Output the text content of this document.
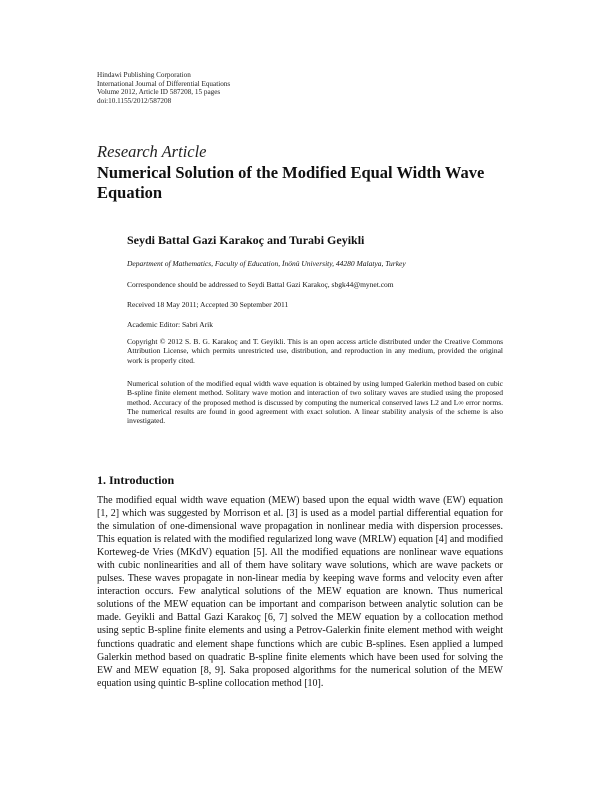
Hindawi Publishing Corporation
International Journal of Differential Equations
Volume 2012, Article ID 587208, 15 pages
doi:10.1155/2012/587208
Research Article
Numerical Solution of the Modified Equal Width Wave Equation
Seydi Battal Gazi Karakoç and Turabi Geyikli
Department of Mathematics, Faculty of Education, İnönü University, 44280 Malatya, Turkey
Correspondence should be addressed to Seydi Battal Gazi Karakoç, sbgk44@mynet.com
Received 18 May 2011; Accepted 30 September 2011
Academic Editor: Sabri Arik
Copyright © 2012 S. B. G. Karakoç and T. Geyikli. This is an open access article distributed under the Creative Commons Attribution License, which permits unrestricted use, distribution, and reproduction in any medium, provided the original work is properly cited.
Numerical solution of the modified equal width wave equation is obtained by using lumped Galerkin method based on cubic B-spline finite element method. Solitary wave motion and interaction of two solitary waves are studied using the proposed method. Accuracy of the proposed method is discussed by computing the numerical conserved laws L2 and L∞ error norms. The numerical results are found in good agreement with exact solution. A linear stability analysis of the scheme is also investigated.
1. Introduction
The modified equal width wave equation (MEW) based upon the equal width wave (EW) equation [1, 2] which was suggested by Morrison et al. [3] is used as a model partial differential equation for the simulation of one-dimensional wave propagation in nonlinear media with dispersion processes. This equation is related with the modified regularized long wave (MRLW) equation [4] and modified Korteweg-de Vries (MKdV) equation [5]. All the modified equations are nonlinear wave equations with cubic nonlinearities and all of them have solitary wave solutions, which are wave packets or pulses. These waves propagate in non-linear media by keeping wave forms and velocity even after interaction occurs. Few analytical solutions of the MEW equation are known. Thus numerical solutions of the MEW equation can be important and comparison between analytic solution can be made. Geyikli and Battal Gazi Karakoç [6, 7] solved the MEW equation by a collocation method using septic B-spline finite elements and using a Petrov-Galerkin finite element method with weight functions quadratic and element shape functions which are cubic B-splines. Esen applied a lumped Galerkin method based on quadratic B-spline finite elements which have been used for solving the EW and MEW equation [8, 9]. Saka proposed algorithms for the numerical solution of the MEW equation using quintic B-spline collocation method [10].
